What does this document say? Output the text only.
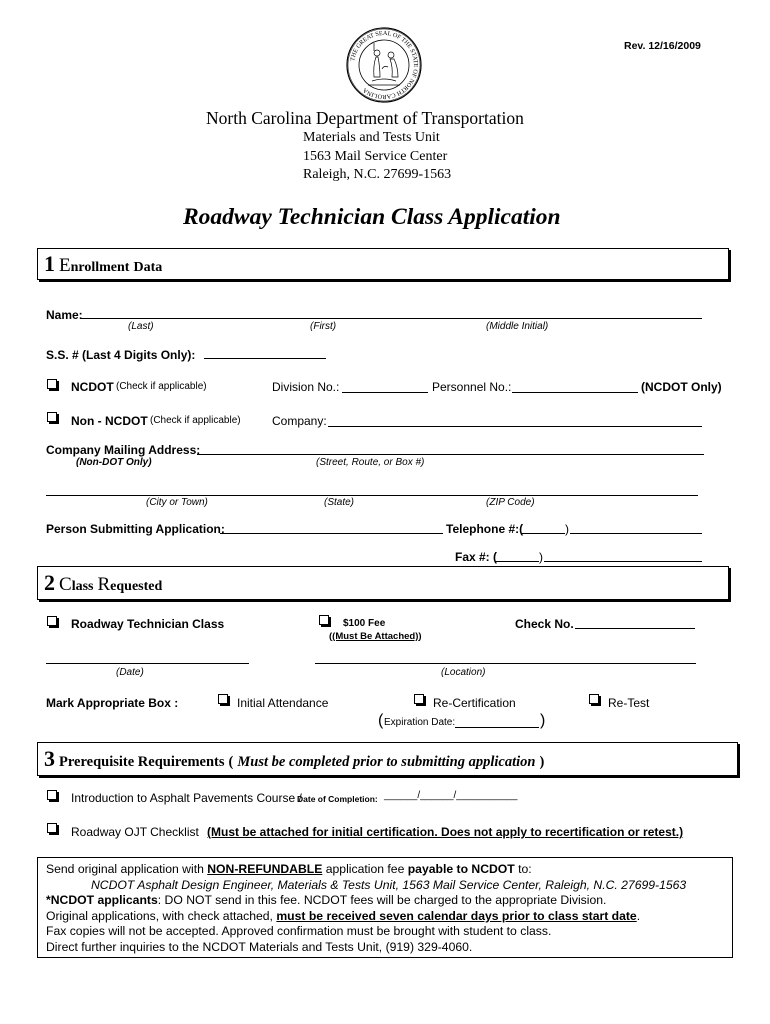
Rev. 12/16/2009
THE GREAT SEAL OF THE STATE OF NORTH CAROLINA
North Carolina Department of Transportation
Materials and Tests Unit
1563 Mail Service Center
Raleigh, N.C. 27699-1563
Roadway Technician Class Application
1 Enrollment Data
Name:
(Last)	(First)	(Middle Initial)
S.S. # (Last 4 Digits Only):
NCDOT (Check if applicable)	Division No.:	Personnel No.:	(NCDOT Only)
Non - NCDOT (Check if applicable)	Company:
Company Mailing Address:
(Non-DOT Only)	(Street, Route, or Box #)
(City or Town)	(State)	(ZIP Code)
Person Submitting Application:	Telephone #:(	)
Fax #: (	)
2 Class Requested
Roadway Technician Class	$100 Fee
((Must Be Attached))
Check No.
(Date)	(Location)
Mark Appropriate Box :	Initial Attendance	Re-Certification	Re-Test
( Expiration Date:	)
3 Prerequisite Requirements ( Must be completed prior to submitting application )
Introduction to Asphalt Pavements Course /
Date of Completion: ______/______/___________
Roadway OJT Checklist (Must be attached for initial certification. Does not apply to recertification or retest.)
Send original application with NON-REFUNDABLE application fee payable to NCDOT to:
NCDOT Asphalt Design Engineer, Materials & Tests Unit, 1563 Mail Service Center, Raleigh, N.C. 27699-1563
*NCDOT applicants: DO NOT send in this fee. NCDOT fees will be charged to the appropriate Division.
Original applications, with check attached, must be received seven calendar days prior to class start date.
Fax copies will not be accepted. Approved confirmation must be brought with student to class.
Direct further inquiries to the NCDOT Materials and Tests Unit, (919) 329-4060.
